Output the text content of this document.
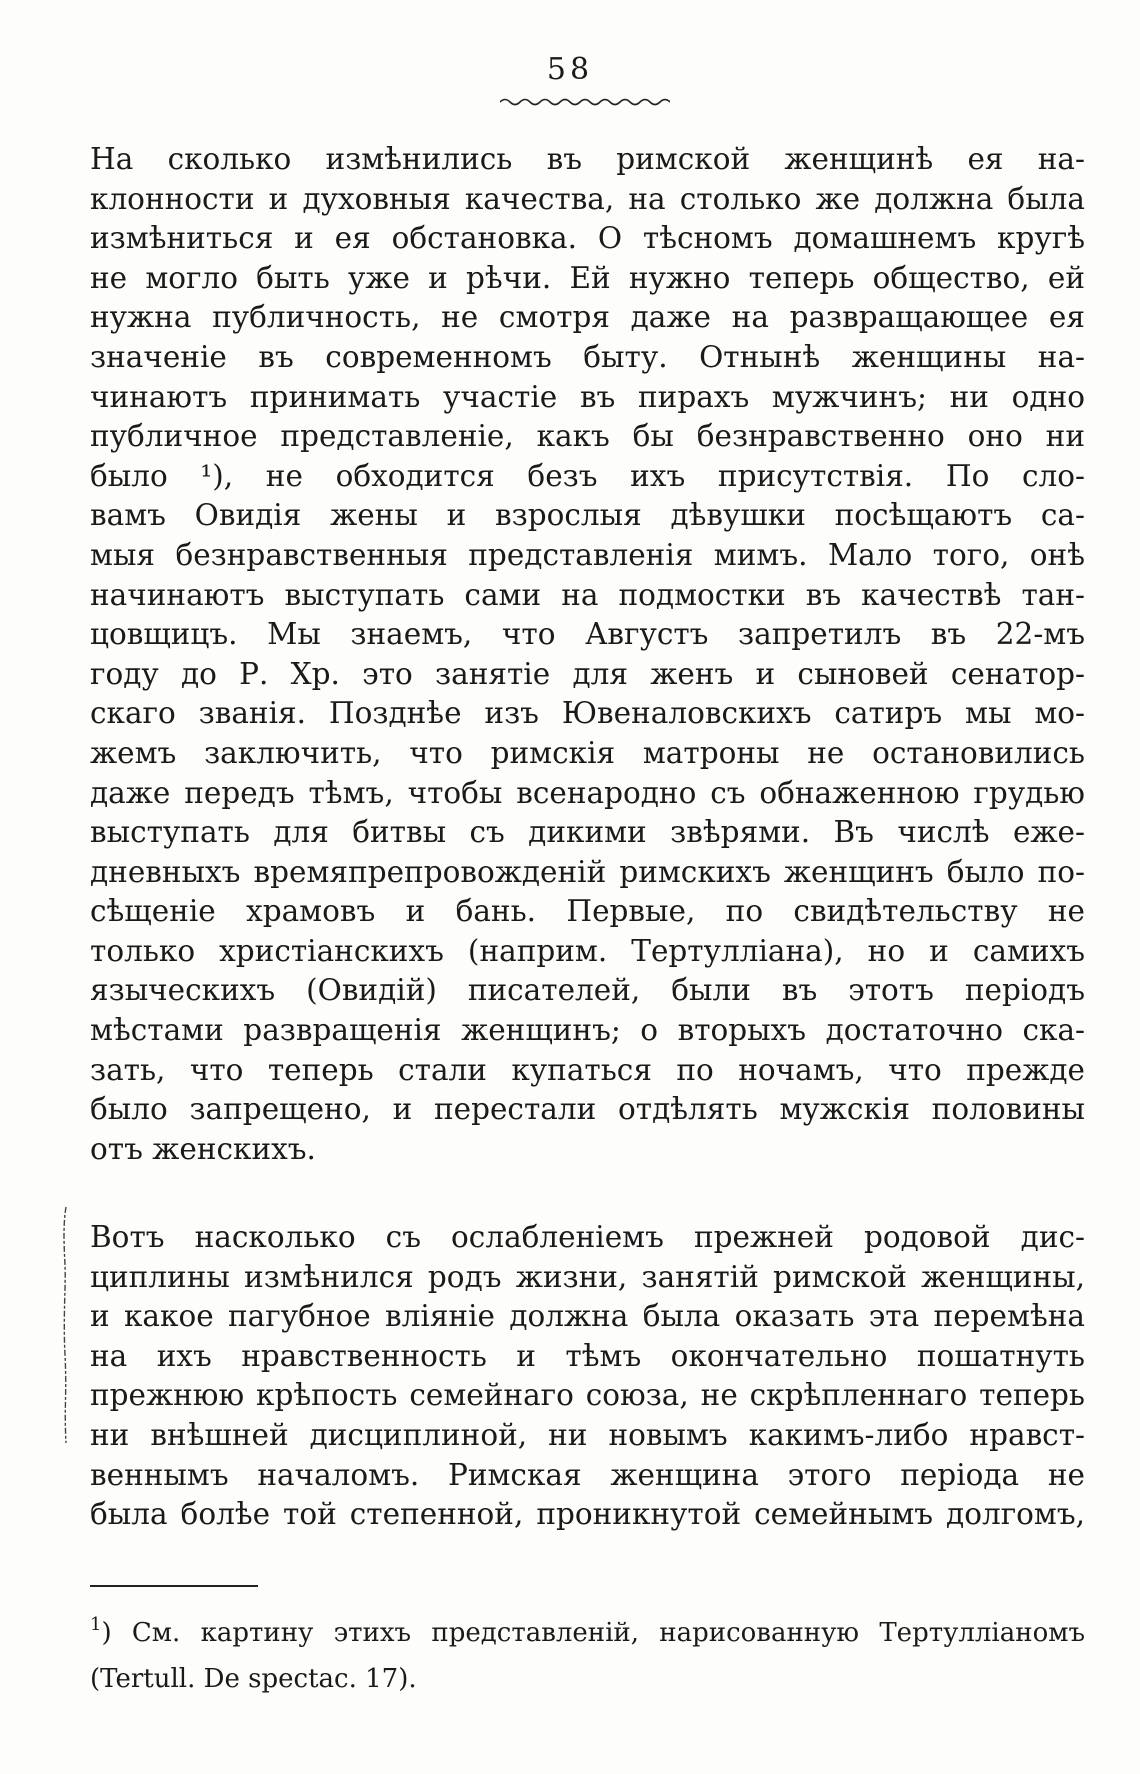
58
На сколько измѣнились въ римской женщинѣ ея на-
клонности и духовныя качества, на столько же должна была
измѣниться и ея обстановка. О тѣсномъ домашнемъ кругѣ
не могло быть уже и рѣчи. Ей нужно теперь общество, ей
нужна публичность, не смотря даже на развращающее ея
значеніе въ современномъ быту. Отнынѣ женщины на-
чинаютъ принимать участіе въ пирахъ мужчинъ; ни одно
публичное представленіе, какъ бы безнравственно оно ни
было ¹), не обходится безъ ихъ присутствія. По сло-
вамъ Овидія жены и взрослыя дѣвушки посѣщаютъ са-
мыя безнравственныя представленія мимъ. Мало того, онѣ
начинаютъ выступать сами на подмостки въ качествѣ тан-
цовщицъ. Мы знаемъ, что Августъ запретилъ въ 22-мъ
году до Р. Хр. это занятіе для женъ и сыновей сенатор-
скаго званія. Позднѣе изъ Ювеналовскихъ сатиръ мы мо-
жемъ заключить, что римскія матроны не остановились
даже передъ тѣмъ, чтобы всенародно съ обнаженною грудью
выступать для битвы съ дикими звѣрями. Въ числѣ еже-
дневныхъ времяпрепровожденій римскихъ женщинъ было по-
сѣщеніе храмовъ и бань. Первые, по свидѣтельству не
только христіанскихъ (наприм. Тертулліана), но и самихъ
языческихъ (Овидій) писателей, были въ этотъ періодъ
мѣстами развращенія женщинъ; о вторыхъ достаточно ска-
зать, что теперь стали купаться по ночамъ, что прежде
было запрещено, и перестали отдѣлять мужскія половины
отъ женскихъ.
Вотъ насколько съ ослабленіемъ прежней родовой дис-
циплины измѣнился родъ жизни, занятій римской женщины,
и какое пагубное вліяніе должна была оказать эта перемѣна
на ихъ нравственность и тѣмъ окончательно пошатнуть
прежнюю крѣпость семейнаго союза, не скрѣпленнаго теперь
ни внѣшней дисциплиной, ни новымъ какимъ-либо нравст-
веннымъ началомъ. Римская женщина этого періода не
была болѣе той степенной, проникнутой семейнымъ долгомъ,
$^1$) См. картину этихъ представленій, нарисованную Тертулліаномъ
(Tertull. De spectac. 17).
